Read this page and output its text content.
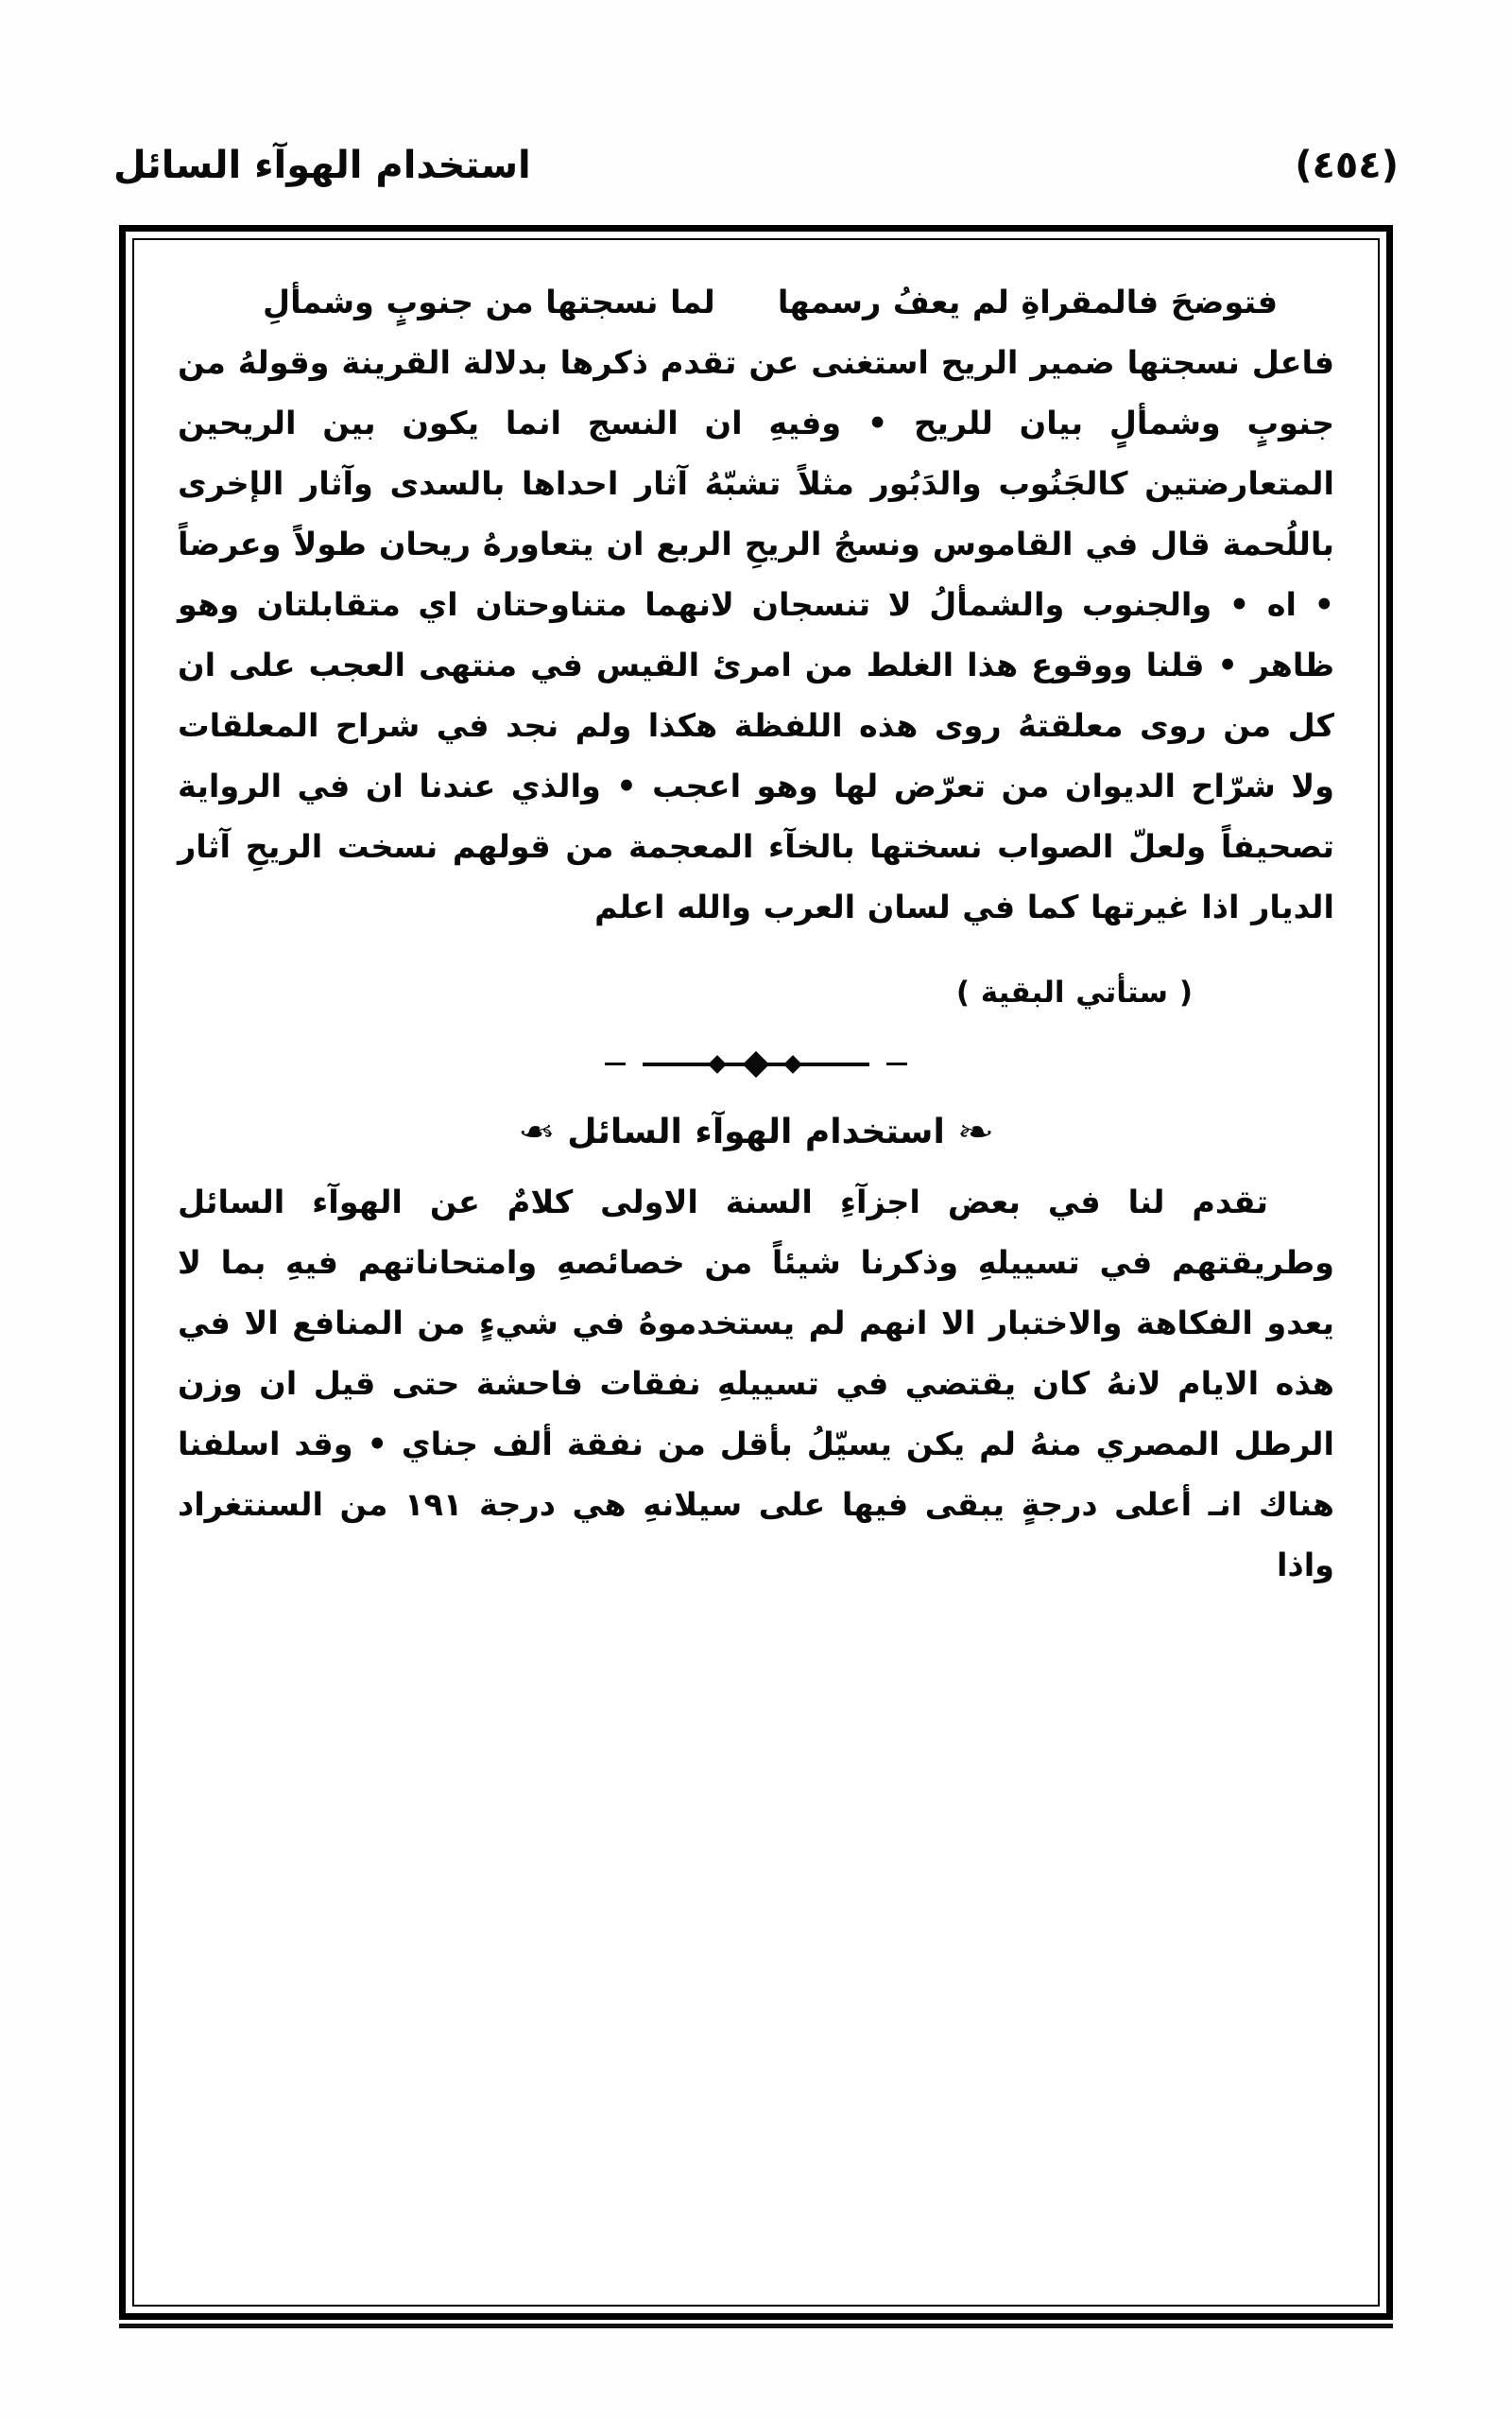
استخدام الهوآء السائل	(٤٥٤)
فتوضحَ فالمقراةِ لم يعفُ رسمها
لما نسجتها من جنوبٍ وشمألِ

فاعل نسجتها ضمير الريح استغنى عن تقدم ذكرها بدلالة القرينة وقولهُ من جنوبٍ وشمألٍ بيان للريح • وفيهِ ان النسج انما يكون بين الريحين المتعارضتين كالجَنُوب والدَبُور مثلاً تشبّهُ آثار احداها بالسدى وآثار الإخرى باللُحمة قال في القاموس ونسجُ الريحِ الربع ان يتعاورهُ ريحان طولاً وعرضاً • اه • والجنوب والشمألُ لا تنسجان لانهما متناوحتان اي متقابلتان وهو ظاهر • قلنا ووقوع هذا الغلط من امرئ القيس في منتهى العجب على ان كل من روى معلقتهُ روى هذه اللفظة هكذا ولم نجد في شراح المعلقات ولا شرّاح الديوان من تعرّض لها وهو اعجب • والذي عندنا ان في الرواية تصحيفاً ولعلّ الصواب نسختها بالخآء المعجمة من قولهم نسخت الريحِ آثار الديار اذا غيرتها كما في لسان العرب والله اعلم

( ستأتي البقية )
❧ استخدام الهوآء السائل ❧

تقدم لنا في بعض اجزآءِ السنة الاولى كلامٌ عن الهوآء السائل وطريقتهم في تسييلهِ وذكرنا شيئاً من خصائصهِ وامتحاناتهم فيهِ بما لا يعدو الفكاهة والاختبار الا انهم لم يستخدموهُ في شيءٍ من المنافع الا في هذه الايام لانهُ كان يقتضي في تسييلهِ نفقات فاحشة حتى قيل ان وزن الرطل المصري منهُ لم يكن يسيّلُ بأقل من نفقة ألف جناي • وقد اسلفنا هناك انـ أعلى درجةٍ يبقى فيها على سيلانهِ هي درجة ١٩١ من السنتغراد واذا
